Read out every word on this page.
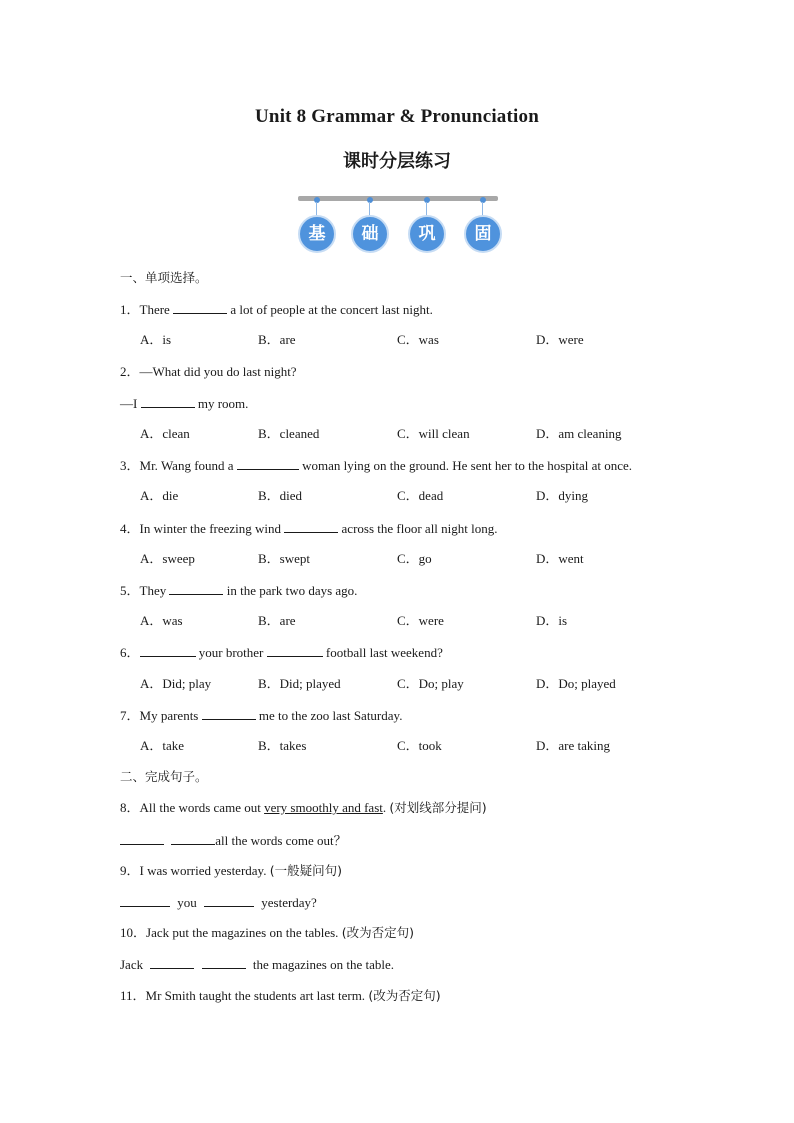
Unit 8 Grammar & Pronunciation
课时分层练习
基	础	巩	固
一、单项选择。
1．There	a lot of people at the concert last night.
A．is	B．are	C．was	D．were
2．—What did you do last night?
—I	my room.
A．clean	B．cleaned	C．will clean	D．am cleaning
3．Mr. Wang found a	woman lying on the ground. He sent her to the hospital at once.
A．die	B．died	C．dead	D．dying
4．In winter the freezing wind	across the floor all night long.
A．sweep	B．swept	C．go	D．went
5．They	in the park two days ago.
A．was	B．are	C．were	D．is
6．	your brother	football last weekend?
A．Did; play	B．Did; played	C．Do; play	D．Do; played
7．My parents	me to the zoo last Saturday.
A．take	B．takes	C．took	D．are taking
二、完成句子。
8．All the words came out very smoothly and fast. (对划线部分提问)
all the words come out？
9．I was worried yesterday. (一般疑问句)
you	yesterday?
10．Jack put the magazines on the tables. (改为否定句)
Jack	the magazines on the table.
11．Mr Smith taught the students art last term. (改为否定句)
